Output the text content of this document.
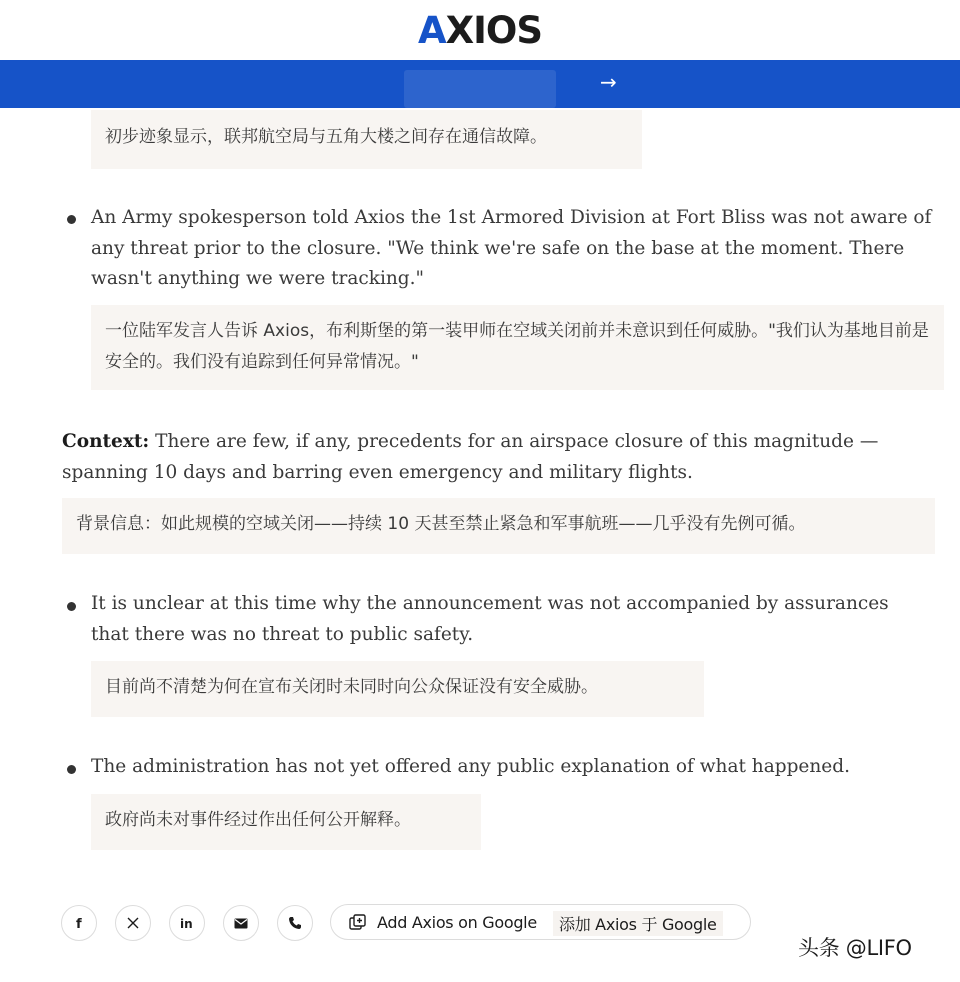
AXIOS
→
初步迹象显示，联邦航空局与五角大楼之间存在通信故障。
An Army spokesperson told Axios the 1st Armored Division at Fort Bliss was not aware of any threat prior to the closure. "We think we're safe on the base at the moment. There wasn't anything we were tracking."
一位陆军发言人告诉 Axios，布利斯堡的第一装甲师在空域关闭前并未意识到任何威胁。"我们认为基地目前是安全的。我们没有追踪到任何异常情况。"
Context: There are few, if any, precedents for an airspace closure of this magnitude — spanning 10 days and barring even emergency and military flights.
背景信息：如此规模的空域关闭——持续 10 天甚至禁止紧急和军事航班——几乎没有先例可循。
It is unclear at this time why the announcement was not accompanied by assurances that there was no threat to public safety.
目前尚不清楚为何在宣布关闭时未同时向公众保证没有安全威胁。
The administration has not yet offered any public explanation of what happened.
政府尚未对事件经过作出任何公开解释。
f	in	Add Axios on Google	添加 Axios 于 Google
头条 @LIFO
